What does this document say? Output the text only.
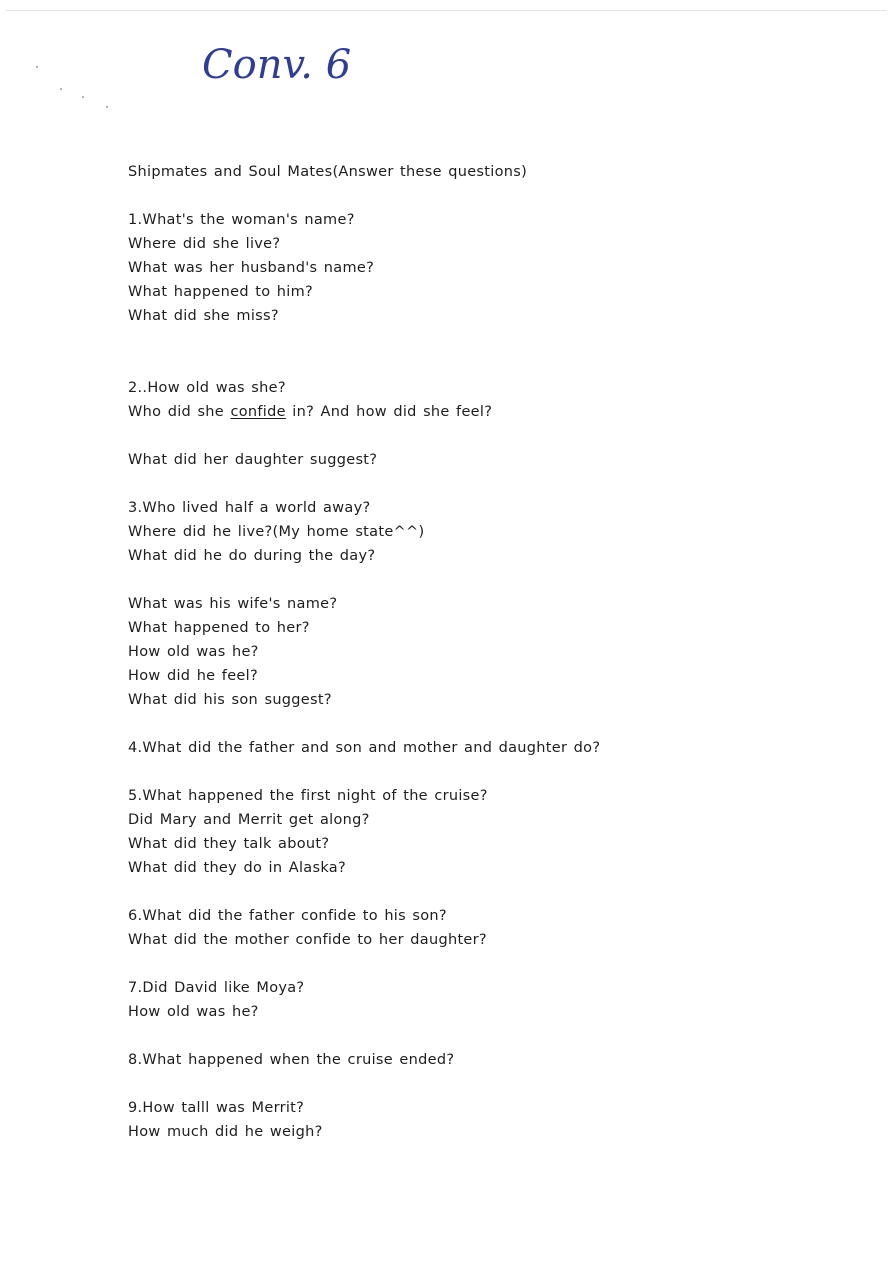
Conv. 6
Shipmates and Soul Mates(Answer these questions)
1.What's the woman's name?
Where did she live?
What was her husband's name?
What happened to him?
What did she miss?
2..How old was she?
Who did she confide in? And how did she feel?
What did her daughter suggest?
3.Who lived half a world away?
Where did he live?(My home state^^)
What did he do during the day?
What was his wife's name?
What happened to her?
How old was he?
How did he feel?
What did his son suggest?
4.What did the father and son and mother and daughter do?
5.What happened the first night of the cruise?
Did Mary and Merrit get along?
What did they talk about?
What did they do in Alaska?
6.What did the father confide to his son?
What did the mother confide to her daughter?
7.Did David like Moya?
How old was he?
8.What happened when the cruise ended?
9.How talll was Merrit?
How much did he weigh?
